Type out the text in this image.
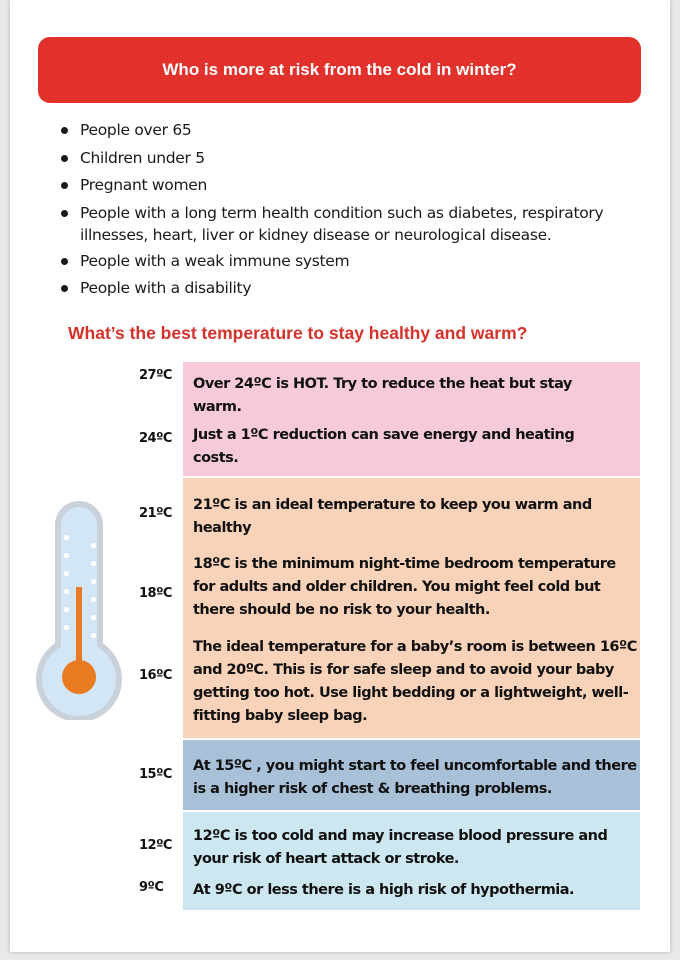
Who is more at risk from the cold in winter?
People over 65
Children under 5
Pregnant women
People with a long term health condition such as diabetes, respiratory illnesses, heart, liver or kidney disease or neurological disease.
People with a weak immune system
People with a disability
What’s the best temperature to stay healthy and warm?
Over 24ºC is HOT. Try to reduce the heat but stay warm.
Just a 1ºC reduction can save energy and heating costs.
21ºC is an ideal temperature to keep you warm and healthy
18ºC is the minimum night-time bedroom temperature for adults and older children. You might feel cold but there should be no risk to your health.
The ideal temperature for a baby’s room is between 16ºC and 20ºC. This is for safe sleep and to avoid your baby getting too hot. Use light bedding or a lightweight, well-fitting baby sleep bag.
At 15ºC , you might start to feel uncomfortable and there is a higher risk of chest & breathing problems.
12ºC is too cold and may increase blood pressure and your risk of heart attack or stroke.
At 9ºC or less there is a high risk of hypothermia.
27ºC
24ºC
21ºC
18ºC
16ºC
15ºC
12ºC
9ºC
